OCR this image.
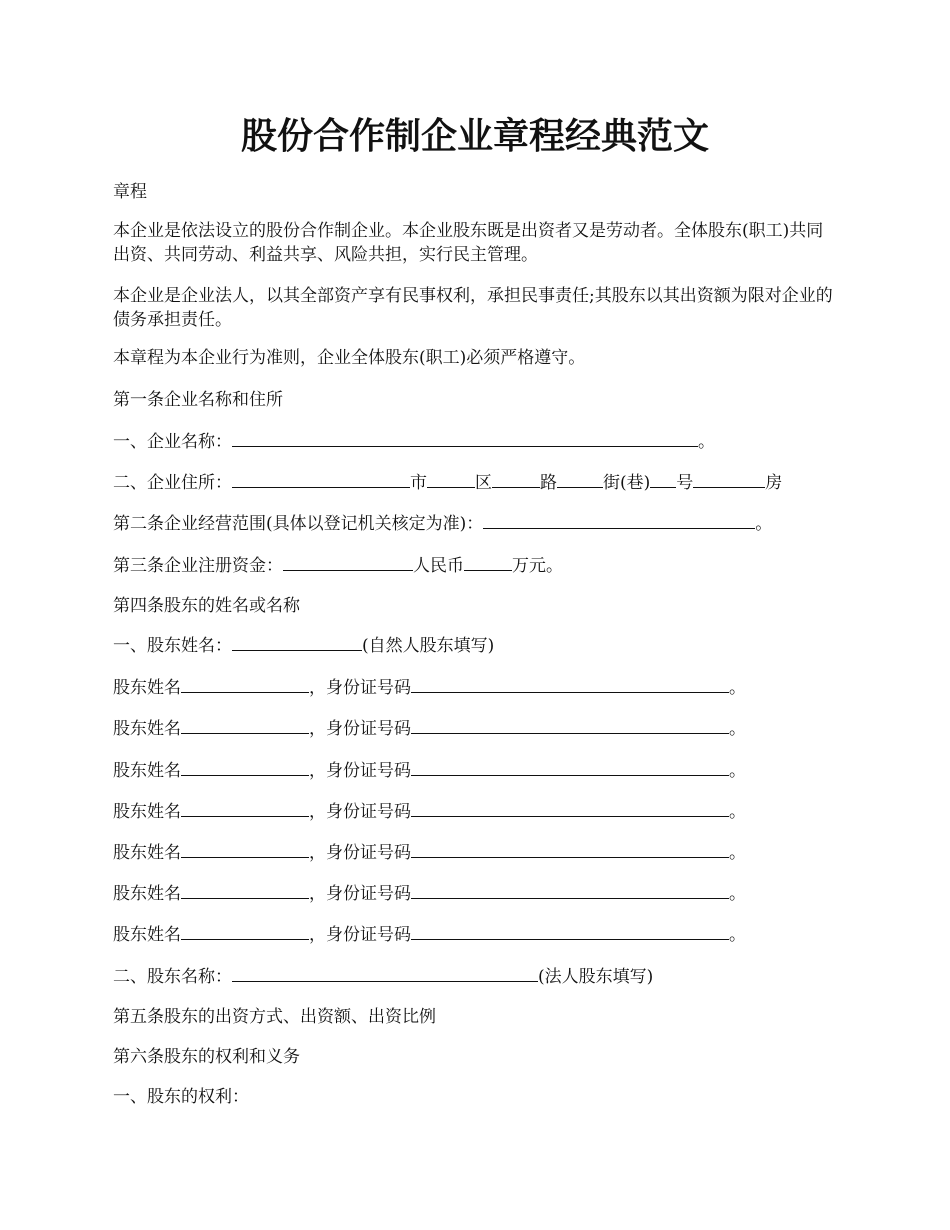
股份合作制企业章程经典范文

章程

本企业是依法设立的股份合作制企业。本企业股东既是出资者又是劳动者。全体股东(职工)共同出资、共同劳动、利益共享、风险共担，实行民主管理。

本企业是企业法人，以其全部资产享有民事权利，承担民事责任;其股东以其出资额为限对企业的债务承担责任。

本章程为本企业行为准则，企业全体股东(职工)必须严格遵守。

第一条企业名称和住所

一、企业名称：	。

二、企业住所：	市	区	路	街(巷) 号	房

第二条企业经营范围(具体以登记机关核定为准)：	。

第三条企业注册资金：	人民币	万元。

第四条股东的姓名或名称

一、股东姓名：	(自然人股东填写)

股东姓名	，身份证号码	。

股东姓名	，身份证号码	。

股东姓名	，身份证号码	。

股东姓名	，身份证号码	。

股东姓名	，身份证号码	。

股东姓名	，身份证号码	。

股东姓名	，身份证号码	。

二、股东名称：	(法人股东填写)

第五条股东的出资方式、出资额、出资比例

第六条股东的权利和义务

一、股东的权利：
